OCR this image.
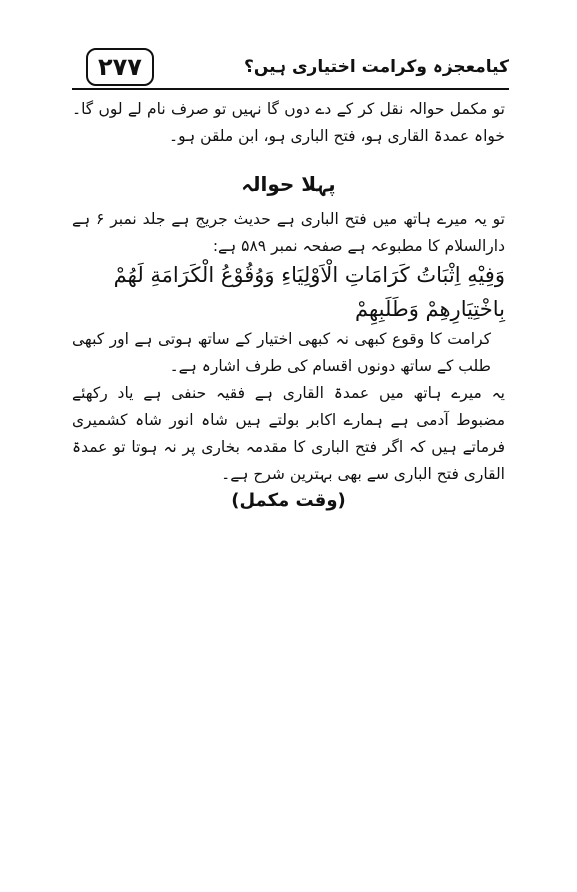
۲۷۷	کیامعجزہ وکرامت اختیاری ہیں؟
تو مکمل حوالہ نقل کر کے دے دوں گا نہیں تو صرف نام لے لوں گا۔ خواہ عمدۃ القاری ہو، فتح الباری ہو، ابن ملقن ہو۔
پہلا حوالہ
تو یہ میرے ہاتھ میں فتح الباری ہے حدیث جریج ہے جلد نمبر ۶ ہے دارالسلام کا مطبوعہ ہے صفحہ نمبر ۵۸۹ ہے:
وَفِيْهِ اِثْبَاتُ كَرَامَاتِ الْاَوْلِيَاءِ وَوُقُوْعُ الْكَرَامَةِ لَهُمْ بِاخْتِيَارِهِمْ وَطَلَبِهِمْ
کرامت کا وقوع کبھی نہ کبھی اختیار کے ساتھ ہوتی ہے اور کبھی طلب کے ساتھ دونوں اقسام کی طرف اشارہ ہے۔
یہ میرے ہاتھ میں عمدۃ القاری ہے فقیہ حنفی ہے یاد رکھئے مضبوط آدمی ہے ہمارے اکابر بولتے ہیں شاہ انور شاہ کشمیری فرماتے ہیں کہ اگر فتح الباری کا مقدمہ بخاری پر نہ ہوتا تو عمدۃ القاری فتح الباری سے بھی بہترین شرح ہے۔
(وقت مکمل)
